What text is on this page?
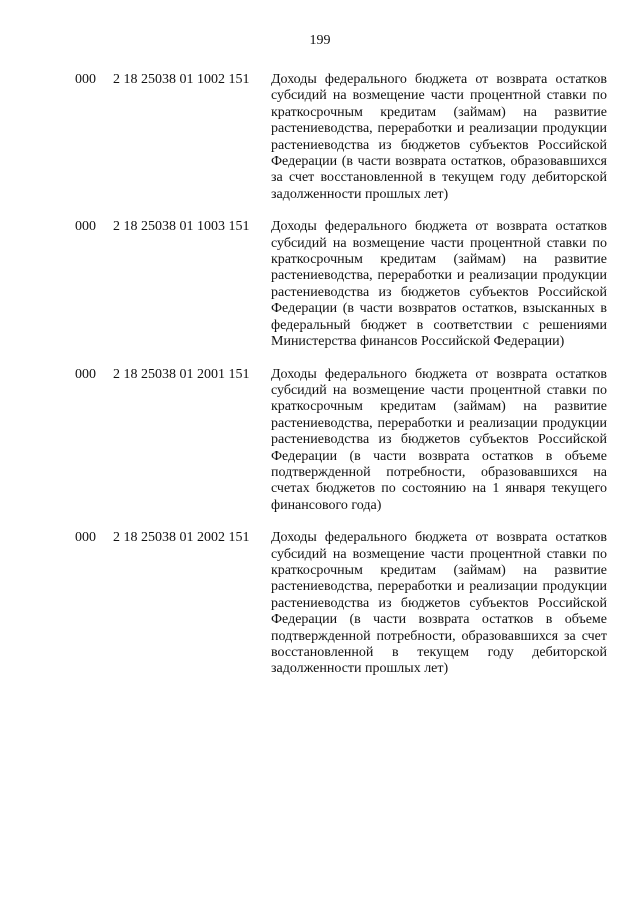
199
000 2 18 25038 01 1002 151 Доходы федерального бюджета от возврата остатков субсидий на возмещение части процентной ставки по краткосрочным кредитам (займам) на развитие растениеводства, переработки и реализации продукции растениеводства из бюджетов субъектов Российской Федерации (в части возврата остатков, образовавшихся за счет восстановленной в текущем году дебиторской задолженности прошлых лет)
000 2 18 25038 01 1003 151 Доходы федерального бюджета от возврата остатков субсидий на возмещение части процентной ставки по краткосрочным кредитам (займам) на развитие растениеводства, переработки и реализации продукции растениеводства из бюджетов субъектов Российской Федерации (в части возвратов остатков, взысканных в федеральный бюджет в соответствии с решениями Министерства финансов Российской Федерации)
000 2 18 25038 01 2001 151 Доходы федерального бюджета от возврата остатков субсидий на возмещение части процентной ставки по краткосрочным кредитам (займам) на развитие растениеводства, переработки и реализации продукции растениеводства из бюджетов субъектов Российской Федерации (в части возврата остатков в объеме подтвержденной потребности, образовавшихся на счетах бюджетов по состоянию на 1 января текущего финансового года)
000 2 18 25038 01 2002 151 Доходы федерального бюджета от возврата остатков субсидий на возмещение части процентной ставки по краткосрочным кредитам (займам) на развитие растениеводства, переработки и реализации продукции растениеводства из бюджетов субъектов Российской Федерации (в части возврата остатков в объеме подтвержденной потребности, образовавшихся за счет восстановленной в текущем году дебиторской задолженности прошлых лет)
